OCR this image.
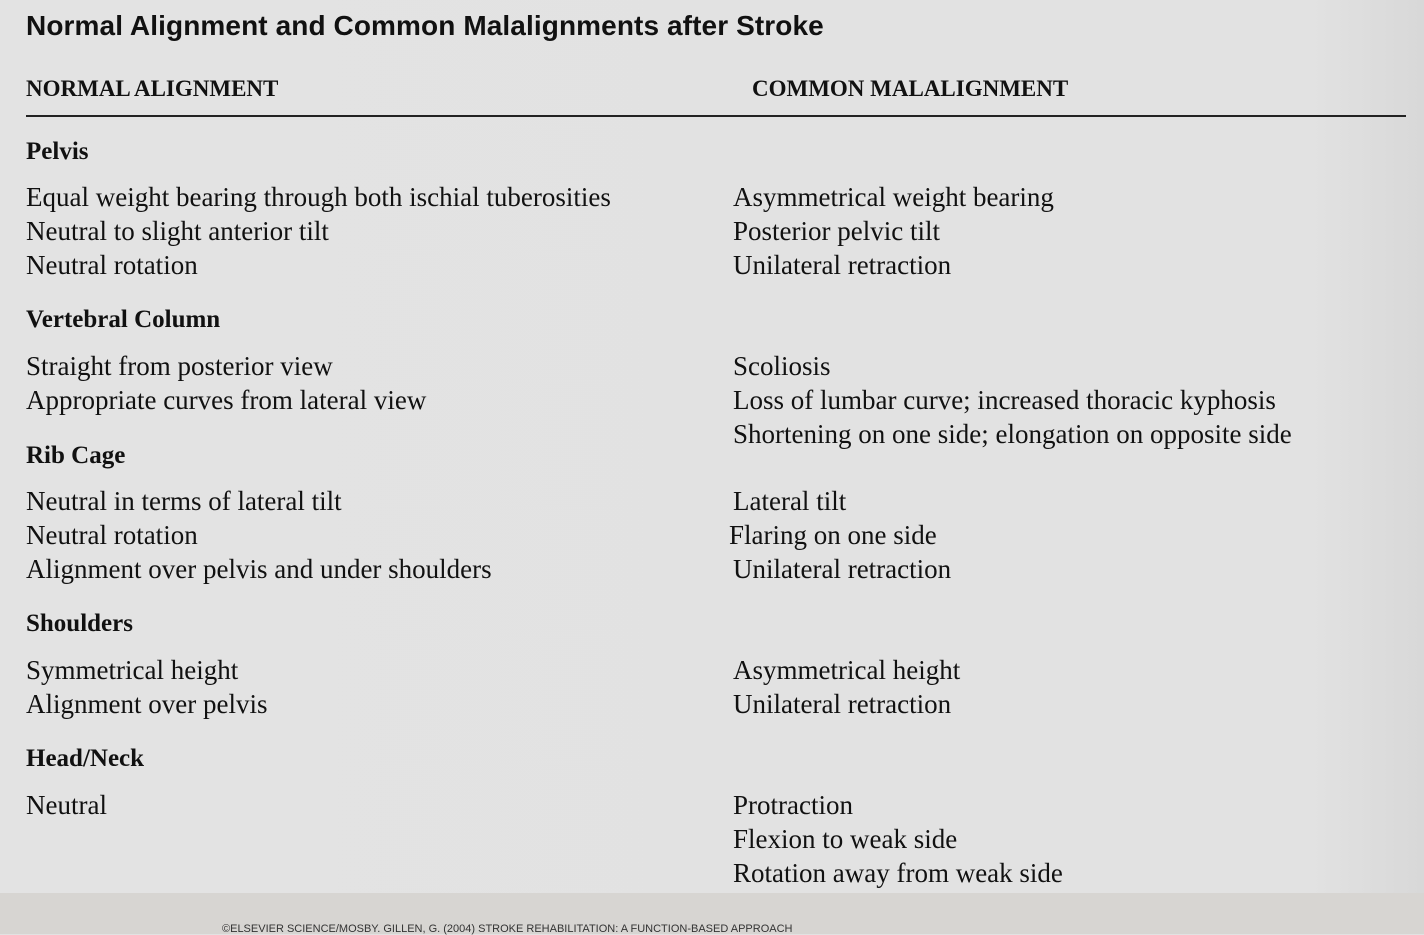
Normal Alignment and Common Malalignments after Stroke
NORMAL ALIGNMENT	COMMON MALALIGNMENT
Pelvis
Equal weight bearing through both ischial tuberosities
Neutral to slight anterior tilt
Neutral rotation
Asymmetrical weight bearing
Posterior pelvic tilt
Unilateral retraction
Vertebral Column
Straight from posterior view
Appropriate curves from lateral view
Scoliosis
Loss of lumbar curve; increased thoracic kyphosis
Shortening on one side; elongation on opposite side
Rib Cage
Neutral in terms of lateral tilt
Neutral rotation
Alignment over pelvis and under shoulders
Lateral tilt
Flaring on one side
Unilateral retraction
Shoulders
Symmetrical height
Alignment over pelvis
Asymmetrical height
Unilateral retraction
Head/Neck
Neutral	Protraction
Flexion to weak side
Rotation away from weak side
©ELSEVIER SCIENCE/MOSBY. GILLEN, G. (2004) STROKE REHABILITATION: A FUNCTION-BASED APPROACH
